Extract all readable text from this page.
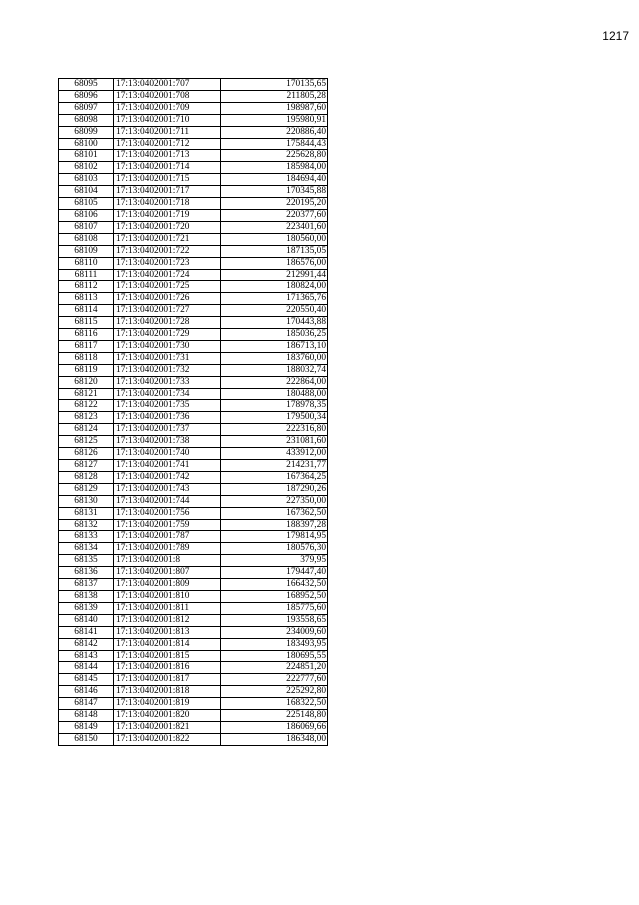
1217
68095	17:13:0402001:707	170135,65
68096	17:13:0402001:708	211805,28
68097	17:13:0402001:709	198987,60
68098	17:13:0402001:710	195980,91
68099	17:13:0402001:711	220886,40
68100	17:13:0402001:712	175844,43
68101	17:13:0402001:713	225628,80
68102	17:13:0402001:714	185984,00
68103	17:13:0402001:715	184694,40
68104	17:13:0402001:717	170345,88
68105	17:13:0402001:718	220195,20
68106	17:13:0402001:719	220377,60
68107	17:13:0402001:720	223401,60
68108	17:13:0402001:721	180560,00
68109	17:13:0402001:722	187135,05
68110	17:13:0402001:723	186576,00
68111	17:13:0402001:724	212991,44
68112	17:13:0402001:725	180824,00
68113	17:13:0402001:726	171365,76
68114	17:13:0402001:727	220550,40
68115	17:13:0402001:728	170443,88
68116	17:13:0402001:729	185036,25
68117	17:13:0402001:730	186713,10
68118	17:13:0402001:731	183760,00
68119	17:13:0402001:732	188032,74
68120	17:13:0402001:733	222864,00
68121	17:13:0402001:734	180488,00
68122	17:13:0402001:735	178978,35
68123	17:13:0402001:736	179500,34
68124	17:13:0402001:737	222316,80
68125	17:13:0402001:738	231081,60
68126	17:13:0402001:740	433912,00
68127	17:13:0402001:741	214231,77
68128	17:13:0402001:742	167364,25
68129	17:13:0402001:743	187290,26
68130	17:13:0402001:744	227350,00
68131	17:13:0402001:756	167362,50
68132	17:13:0402001:759	188397,28
68133	17:13:0402001:787	179814,95
68134	17:13:0402001:789	180576,30
68135	17:13:0402001:8	379,95
68136	17:13:0402001:807	179447,40
68137	17:13:0402001:809	166432,50
68138	17:13:0402001:810	168952,50
68139	17:13:0402001:811	185775,60
68140	17:13:0402001:812	193558,65
68141	17:13:0402001:813	234009,60
68142	17:13:0402001:814	183493,95
68143	17:13:0402001:815	180695,55
68144	17:13:0402001:816	224851,20
68145	17:13:0402001:817	222777,60
68146	17:13:0402001:818	225292,80
68147	17:13:0402001:819	168322,50
68148	17:13:0402001:820	225148,80
68149	17:13:0402001:821	186069,66
68150	17:13:0402001:822	186348,00
